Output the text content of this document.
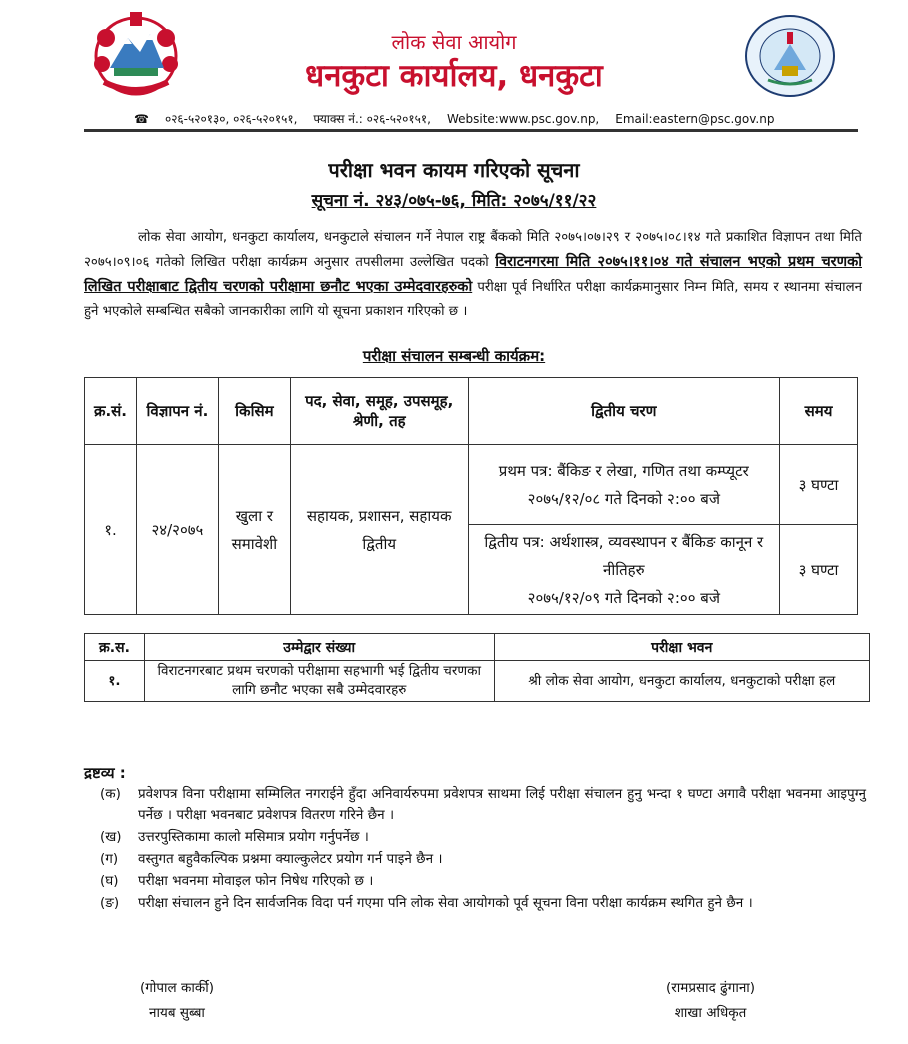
लोक सेवा आयोग
धनकुटा कार्यालय, धनकुटा
☎ ०२६-५२०१३०, ०२६-५२०१५१, फ्याक्स नं.: ०२६-५२०१५१, Website:www.psc.gov.np, Email:eastern@psc.gov.np
परीक्षा भवन कायम गरिएको सूचना
सूचना नं. २४३/०७५-७६, मिति: २०७५/११/२२
लोक सेवा आयोग, धनकुटा कार्यालय, धनकुटाले संचालन गर्ने नेपाल राष्ट्र बैंकको मिति २०७५।०७।२९ र २०७५।०८।१४ गते प्रकाशित विज्ञापन तथा मिति २०७५।०९।०६ गतेको लिखित परीक्षा कार्यक्रम अनुसार तपसीलमा उल्लेखित पदको विराटनगरमा मिति २०७५।११।०४ गते संचालन भएको प्रथम चरणको लिखित परीक्षाबाट द्वितीय चरणको परीक्षामा छनौट भएका उम्मेदवारहरुको परीक्षा पूर्व निर्धारित परीक्षा कार्यक्रमानुसार निम्न मिति, समय र स्थानमा संचालन हुने भएकोले सम्बन्धित सबैको जानकारीका लागि यो सूचना प्रकाशन गरिएको छ ।
परीक्षा संचालन सम्बन्धी कार्यक्रम:
क्र.सं.	विज्ञापन नं.	किसिम	पद, सेवा, समूह, उपसमूह, श्रेणी, तह	द्वितीय चरण	समय
१.	२४/२०७५	खुला र समावेशी	सहायक, प्रशासन, सहायक द्वितीय	प्रथम पत्र: बैंकिङ र लेखा, गणित तथा कम्प्यूटर
२०७५/१२/०८ गते दिनको २:०० बजे	३ घण्टा

				द्वितीय पत्र: अर्थशास्त्र, व्यवस्थापन र बैंकिङ कानून र नीतिहरु
२०७५/१२/०९ गते दिनको २:०० बजे	३ घण्टा
क्र.स.	उम्मेद्वार संख्या	परीक्षा भवन
१.	विराटनगरबाट प्रथम चरणको परीक्षामा सहभागी भई द्वितीय चरणका लागि छनौट भएका सबै उम्मेदवारहरु	श्री लोक सेवा आयोग, धनकुटा कार्यालय, धनकुटाको परीक्षा हल
द्रष्टव्य :
(क)	प्रवेशपत्र विना परीक्षामा सम्मिलित नगराईने हुँदा अनिवार्यरुपमा प्रवेशपत्र साथमा लिई परीक्षा संचालन हुनु भन्दा १ घण्टा अगावै परीक्षा भवनमा आइपुग्नु पर्नेछ । परीक्षा भवनबाट प्रवेशपत्र वितरण गरिने छैन ।
(ख)	उत्तरपुस्तिकामा कालो मसिमात्र प्रयोग गर्नुपर्नेछ ।
(ग)	वस्तुगत बहुवैकल्पिक प्रश्नमा क्याल्कुलेटर प्रयोग गर्न पाइने छैन ।
(घ)	परीक्षा भवनमा मोवाइल फोन निषेध गरिएको छ ।
(ङ)	परीक्षा संचालन हुने दिन सार्वजनिक विदा पर्न गएमा पनि लोक सेवा आयोगको पूर्व सूचना विना परीक्षा कार्यक्रम स्थगित हुने छैन ।
(गोपाल कार्की)
नायब सुब्बा
(रामप्रसाद ढुंगाना)
शाखा अधिकृत
